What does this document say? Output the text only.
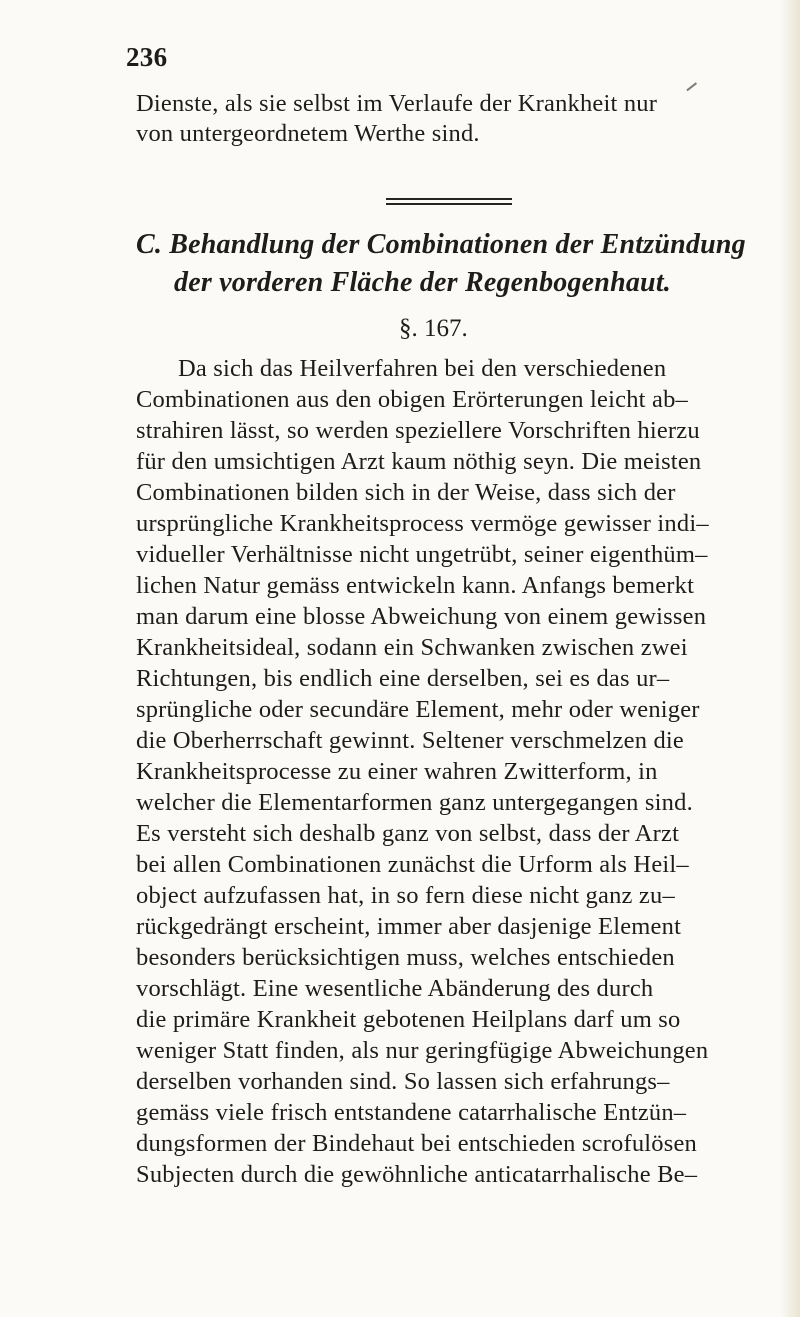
236
Dienste, als sie selbst im Verlaufe der Krankheit nur
von untergeordnetem Werthe sind.
C. Behandlung der Combinationen der Entzündung
der vorderen Fläche der Regenbogenhaut.
§. 167.
Da sich das Heilverfahren bei den verschiedenen
Combinationen aus den obigen Erörterungen leicht ab–
strahiren lässt, so werden speziellere Vorschriften hierzu
für den umsichtigen Arzt kaum nöthig seyn. Die meisten
Combinationen bilden sich in der Weise, dass sich der
ursprüngliche Krankheitsprocess vermöge gewisser indi–
vidueller Verhältnisse nicht ungetrübt, seiner eigenthüm–
lichen Natur gemäss entwickeln kann. Anfangs bemerkt
man darum eine blosse Abweichung von einem gewissen
Krankheitsideal, sodann ein Schwanken zwischen zwei
Richtungen, bis endlich eine derselben, sei es das ur–
sprüngliche oder secundäre Element, mehr oder weniger
die Oberherrschaft gewinnt. Seltener verschmelzen die
Krankheitsprocesse zu einer wahren Zwitterform, in
welcher die Elementarformen ganz untergegangen sind.
Es versteht sich deshalb ganz von selbst, dass der Arzt
bei allen Combinationen zunächst die Urform als Heil–
object aufzufassen hat, in so fern diese nicht ganz zu–
rückgedrängt erscheint, immer aber dasjenige Element
besonders berücksichtigen muss, welches entschieden
vorschlägt. Eine wesentliche Abänderung des durch
die primäre Krankheit gebotenen Heilplans darf um so
weniger Statt finden, als nur geringfügige Abweichungen
derselben vorhanden sind. So lassen sich erfahrungs–
gemäss viele frisch entstandene catarrhalische Entzün–
dungsformen der Bindehaut bei entschieden scrofulösen
Subjecten durch die gewöhnliche anticatarrhalische Be–
